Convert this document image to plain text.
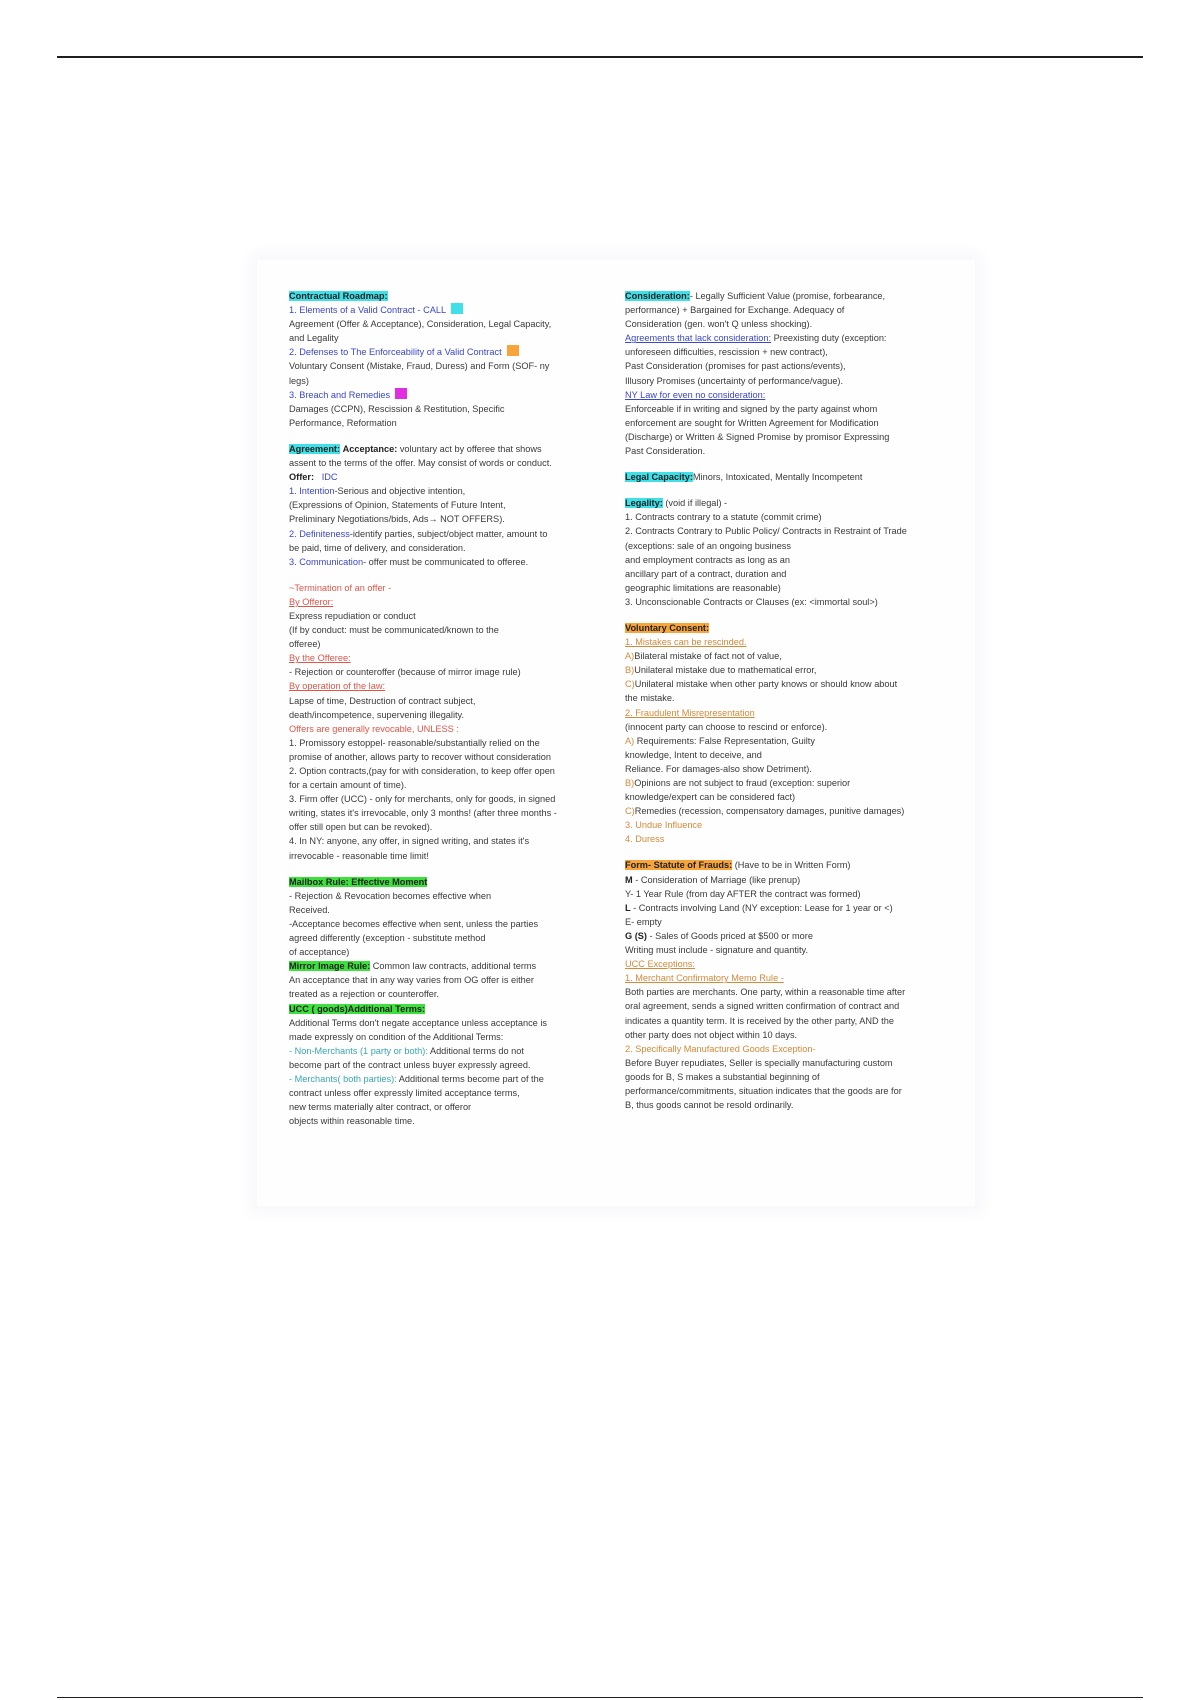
Contractual Roadmap:
1. Elements of a Valid Contract - CALL
Agreement (Offer & Acceptance), Consideration, Legal Capacity,
and Legality
2. Defenses to The Enforceability of a Valid Contract
Voluntary Consent (Mistake, Fraud, Duress) and Form (SOF- ny
legs)
3. Breach and Remedies
Damages (CCPN), Rescission & Restitution, Specific
Performance, Reformation
Agreement: Acceptance: voluntary act by offeree that shows
assent to the terms of the offer. May consist of words or conduct.
Offer: IDC
1. Intention-Serious and objective intention,
(Expressions of Opinion, Statements of Future Intent,
Preliminary Negotiations/bids, Ads→ NOT OFFERS).
2. Definiteness-identify parties, subject/object matter, amount to
be paid, time of delivery, and consideration.
3. Communication- offer must be communicated to offeree.
~Termination of an offer -
By Offeror:
Express repudiation or conduct
(If by conduct: must be communicated/known to the
offeree)
By the Offeree:
- Rejection or counteroffer (because of mirror image rule)
By operation of the law:
Lapse of time, Destruction of contract subject,
death/incompetence, supervening illegality.
Offers are generally revocable, UNLESS :
1. Promissory estoppel- reasonable/substantially relied on the
promise of another, allows party to recover without consideration
2. Option contracts,(pay for with consideration, to keep offer open
for a certain amount of time).
3. Firm offer (UCC) - only for merchants, only for goods, in signed
writing, states it's irrevocable, only 3 months! (after three months -
offer still open but can be revoked).
4. In NY: anyone, any offer, in signed writing, and states it's
irrevocable - reasonable time limit!
Mailbox Rule: Effective Moment
- Rejection & Revocation becomes effective when
Received.
-Acceptance becomes effective when sent, unless the parties
agreed differently (exception - substitute method
of acceptance)
Mirror Image Rule: Common law contracts, additional terms
An acceptance that in any way varies from OG offer is either
treated as a rejection or counteroffer.
UCC ( goods)Additional Terms:
Additional Terms don't negate acceptance unless acceptance is
made expressly on condition of the Additional Terms:
- Non-Merchants (1 party or both): Additional terms do not
become part of the contract unless buyer expressly agreed.
- Merchants( both parties): Additional terms become part of the
contract unless offer expressly limited acceptance terms,
new terms materially alter contract, or offeror
objects within reasonable time.
Consideration:- Legally Sufficient Value (promise, forbearance,
performance) + Bargained for Exchange. Adequacy of
Consideration (gen. won't Q unless shocking).
Agreements that lack consideration: Preexisting duty (exception:
unforeseen difficulties, rescission + new contract),
Past Consideration (promises for past actions/events),
Illusory Promises (uncertainty of performance/vague).
NY Law for even no consideration:
Enforceable if in writing and signed by the party against whom
enforcement are sought for Written Agreement for Modification
(Discharge) or Written & Signed Promise by promisor Expressing
Past Consideration.
Legal Capacity:Minors, Intoxicated, Mentally Incompetent
Legality: (void if illegal) -
1. Contracts contrary to a statute (commit crime)
2. Contracts Contrary to Public Policy/ Contracts in Restraint of Trade
(exceptions: sale of an ongoing business
and employment contracts as long as an
ancillary part of a contract, duration and
geographic limitations are reasonable)
3. Unconscionable Contracts or Clauses (ex: <immortal soul>)
Voluntary Consent:
1. Mistakes can be rescinded.
A)Bilateral mistake of fact not of value,
B)Unilateral mistake due to mathematical error,
C)Unilateral mistake when other party knows or should know about
the mistake.
2. Fraudulent Misrepresentation
(innocent party can choose to rescind or enforce).
A) Requirements: False Representation, Guilty
knowledge, Intent to deceive, and
Reliance. For damages-also show Detriment).
B)Opinions are not subject to fraud (exception: superior
knowledge/expert can be considered fact)
C)Remedies (recession, compensatory damages, punitive damages)
3. Undue Influence
4. Duress
Form- Statute of Frauds: (Have to be in Written Form)
M - Consideration of Marriage (like prenup)
Y- 1 Year Rule (from day AFTER the contract was formed)
L - Contracts involving Land (NY exception: Lease for 1 year or <)
E- empty
G (S) - Sales of Goods priced at $500 or more
Writing must include - signature and quantity.
UCC Exceptions:
1. Merchant Confirmatory Memo Rule -
Both parties are merchants. One party, within a reasonable time after
oral agreement, sends a signed written confirmation of contract and
indicates a quantity term. It is received by the other party, AND the
other party does not object within 10 days.
2. Specifically Manufactured Goods Exception-
Before Buyer repudiates, Seller is specially manufacturing custom
goods for B, S makes a substantial beginning of
performance/commitments, situation indicates that the goods are for
B, thus goods cannot be resold ordinarily.
